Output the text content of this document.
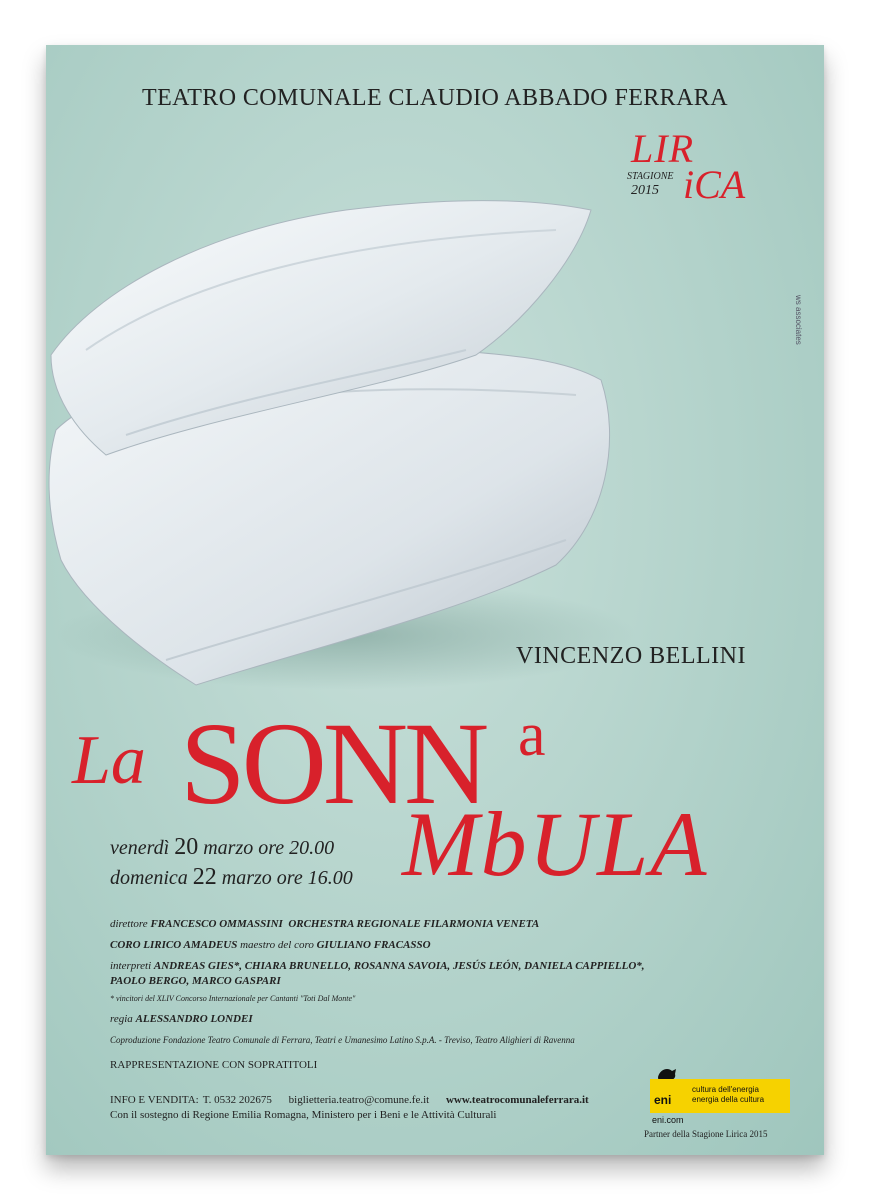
TEATRO COMUNALE CLAUDIO ABBADO FERRARA
LIR
STAGIONE
2015 iCA
ws associates
VINCENZO BELLINI
La SONN a
MbULA
venerdì 20 marzo ore 20.00
domenica 22 marzo ore 16.00

direttore FRANCESCO OMMASSINI ORCHESTRA REGIONALE FILARMONIA VENETA

CORO LIRICO AMADEUS maestro del coro GIULIANO FRACASSO

interpreti ANDREAS GIES*, CHIARA BRUNELLO, ROSANNA SAVOIA, JESÚS LEÓN, DANIELA CAPPIELLO*, PAOLO BERGO, MARCO GASPARI

* vincitori del XLIV Concorso Internazionale per Cantanti "Toti Dal Monte"

regia ALESSANDRO LONDEI

Coproduzione Fondazione Teatro Comunale di Ferrara, Teatri e Umanesimo Latino S.p.A. - Treviso, Teatro Alighieri di Ravenna

RAPPRESENTAZIONE CON SOPRATITOLI

INFO E VENDITA: T. 0532 202675 biglietteria.teatro@comune.fe.it www.teatrocomunaleferrara.it
Con il sostegno di Regione Emilia Romagna, Ministero per i Beni e le Attività Culturali
eni
cultura dell'energia
energia della cultura
eni.com
Partner della Stagione Lirica 2015
